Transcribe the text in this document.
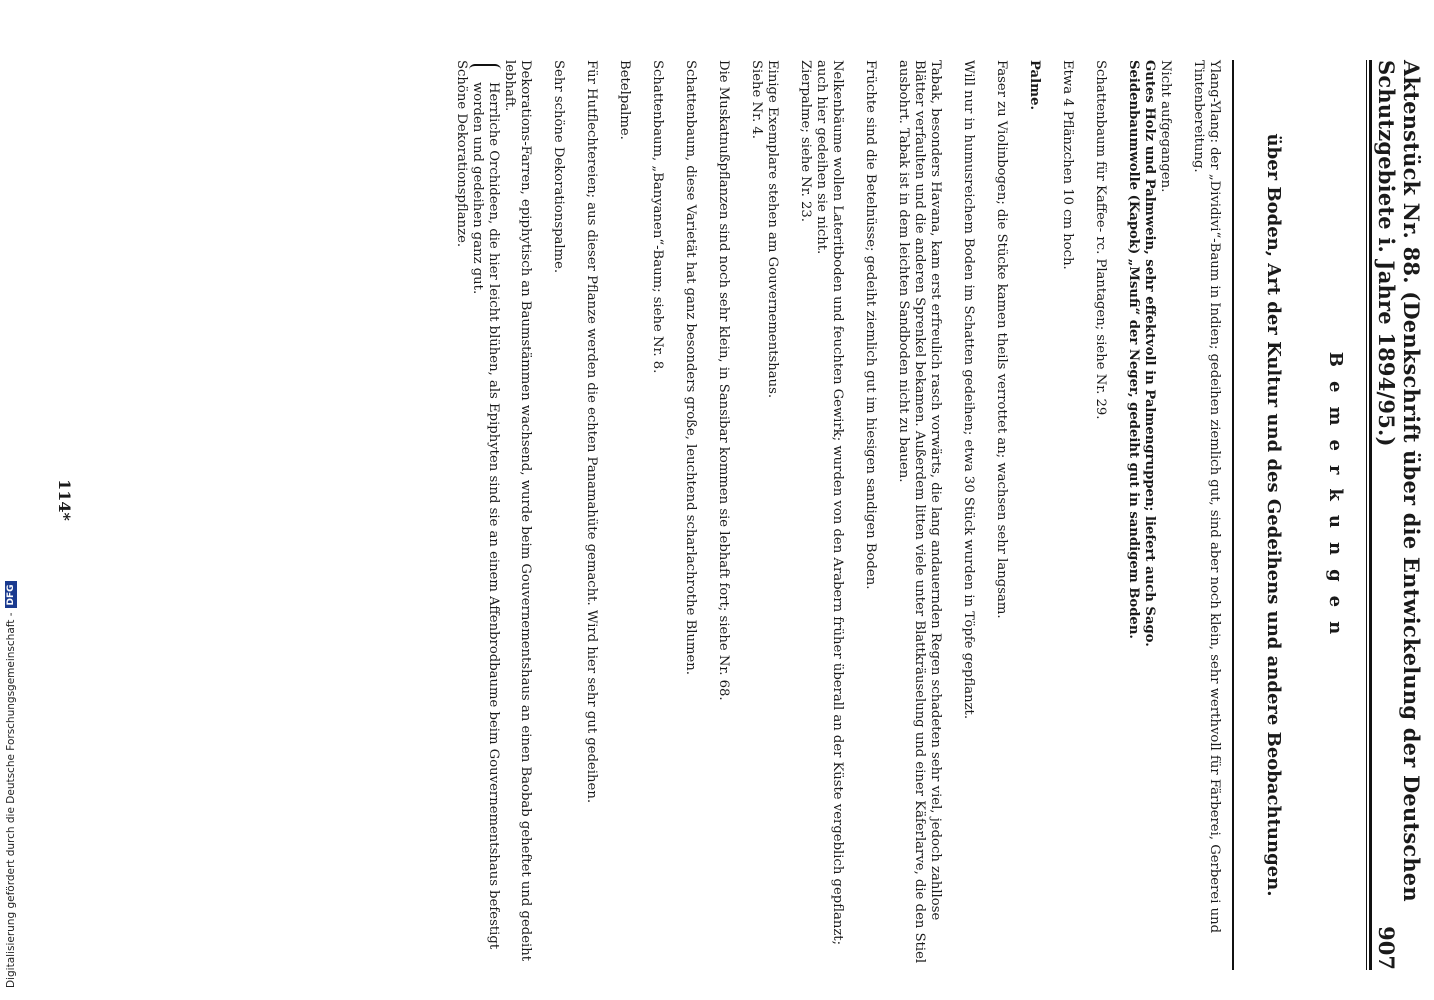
Aktenstück Nr. 88. (Denkschrift über die Entwickelung der Deutschen Schutzgebiete i. Jahre 1894/95.)
907
Bemerkungen
über Boden, Art der Kultur und des Gedeihens und andere Beobachtungen.

Ylang-Ylang: der „Dividivi“-Baum in Indien; gedeihen ziemlich gut, sind aber noch klein, sehr werthvoll für Färberei, Gerberei und Tintenbereitung.

Nicht aufgegangen.

Gutes Holz und Palmwein, sehr effektvoll in Palmengruppen; liefert auch Sago.

Seidenbaumwolle (Kapok) „Msufi“ der Neger, gedeiht gut in sandigem Boden.

Schattenbaum für Kaffee- rc. Plantagen; siehe Nr. 29.

Etwa 4 Pflänzchen 10 cm hoch.

Palme.

Faser zu Violinbogen; die Stücke kamen theils verrottet an; wachsen sehr langsam.

Will nur in humusreichem Boden im Schatten gedeihen; etwa 30 Stück wurden in Töpfe gepflanzt.

Tabak, besonders Havana, kam erst erfreulich rasch vorwärts, die lang andauernden Regen schadeten sehr viel, jedoch zahllose Blätter verfaulten und die anderen Sprenkel bekamen. Außerdem litten viele unter Blattkräuselung und einer Käferlarve, die den Stiel ausbohrt. Tabak ist in dem leichten Sandboden nicht zu bauen.

Früchte sind die Betelnüsse; gedeiht ziemlich gut im hiesigen sandigen Boden.

Nelkenbäume wollen Lateritboden und feuchten Gewirk; wurden von den Arabern früher überall an der Küste vergeblich gepflanzt; auch hier gedeihen sie nicht.

Zierpalme; siehe Nr. 23.

Einige Exemplare stehen am Gouvernementshaus.

Siehe Nr. 4.

Die Muskatnußpflanzen sind noch sehr klein, in Sansibar kommen sie lebhaft fort; siehe Nr. 68.

Schattenbaum, diese Varietät hat ganz besonders große, leuchtend scharlachrothe Blumen.

Schattenbaum, „Banyanen“-Baum; siehe Nr. 8.

Betelpalme.

Für Hutflechtereien; aus dieser Pflanze werden die echten Panamahüte gemacht. Wird hier sehr gut gedeihen.

Sehr schöne Dekorationspalme.

Dekorations-Farren, epiphytisch an Baumstämmen wachsend, wurde beim Gouvernementshaus an einen Baobab geheftet und gedeiht lebhaft.

Herrliche Orchideen, die hier leicht blühen, als Epiphyten sind sie an einem Affenbrodbaume beim Gouvernementshaus befestigt worden und gedeihen ganz gut.

Schöne Dekorationspflanze.

114*
Digitalisierung gefördert durch die Deutsche Forschungsgemeinschaft -
DFG
